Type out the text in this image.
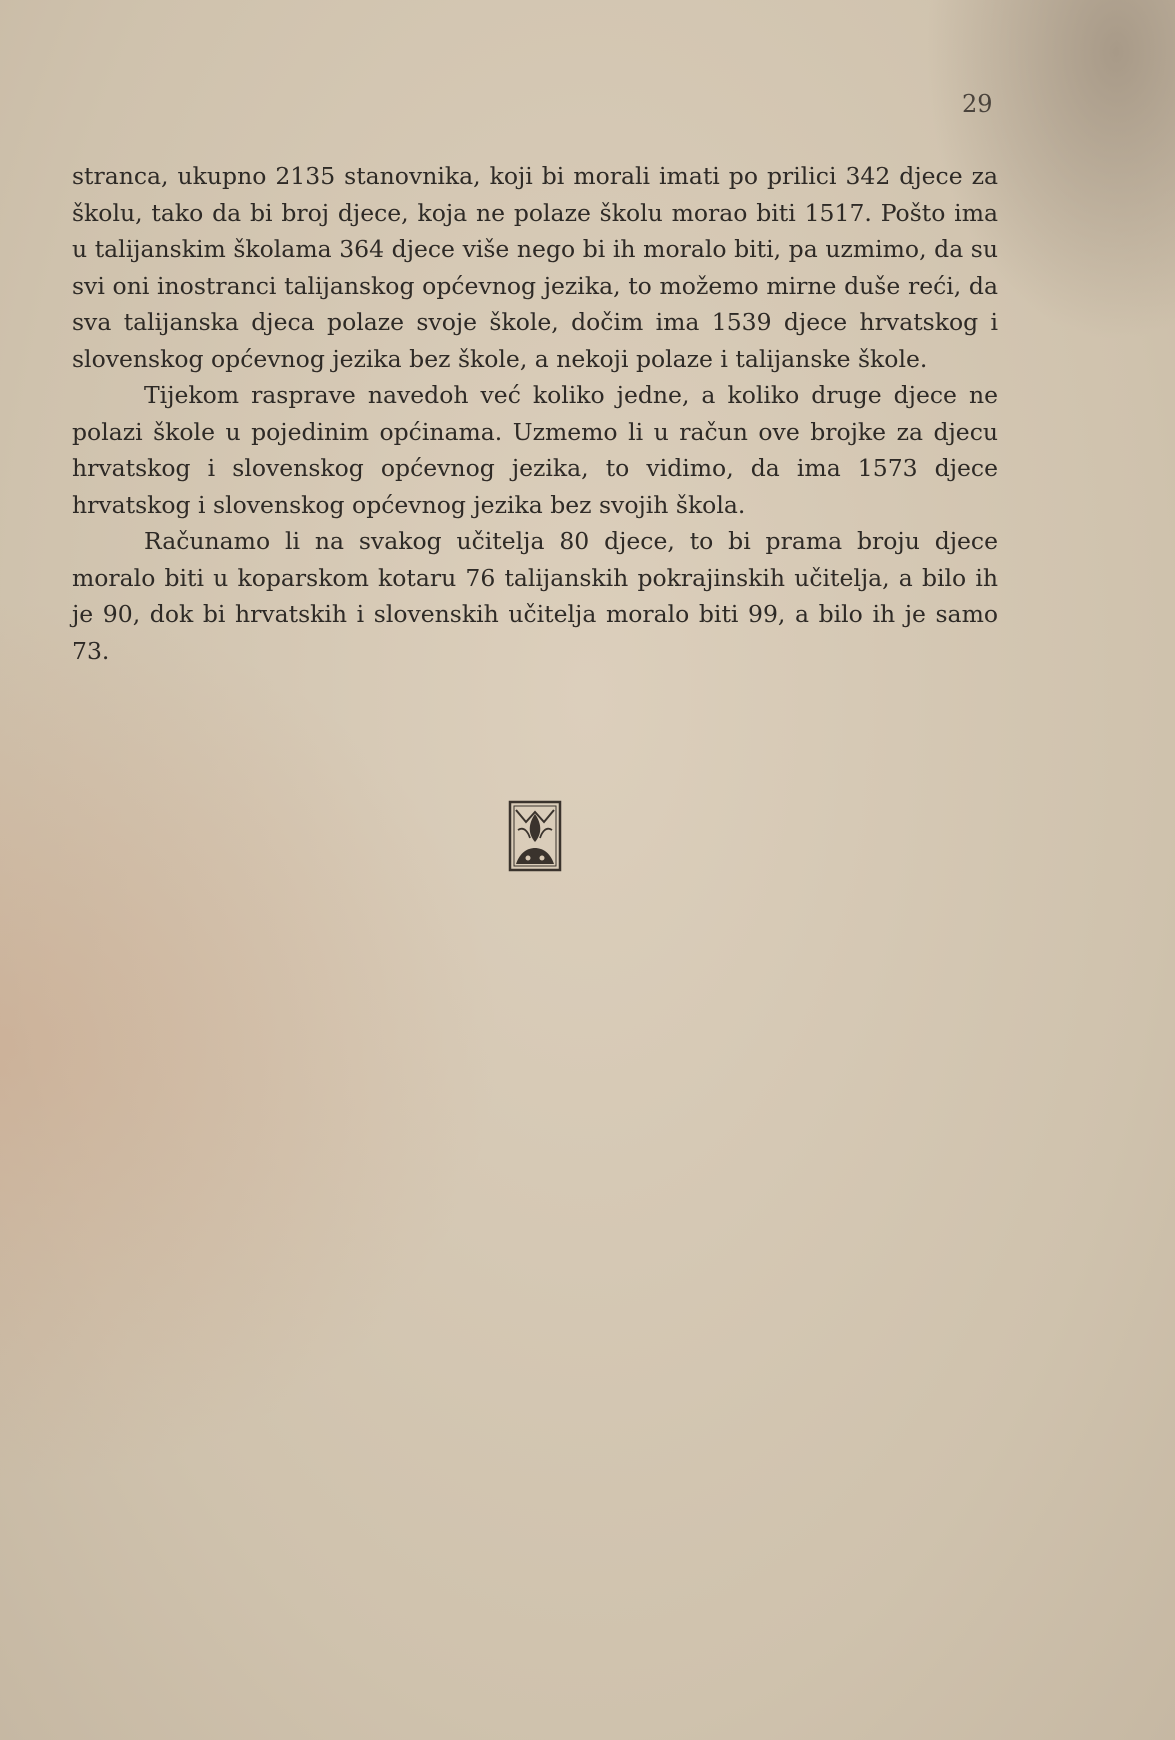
29

stranca, ukupno 2135 stanovnika, koji bi morali imati po prilici 342 djece za školu, tako da bi broj djece, koja ne polaze školu morao biti 1517. Pošto ima u talijanskim školama 364 djece više nego bi ih moralo biti, pa uzmimo, da su svi oni inostranci talijanskog općevnog jezika, to možemo mirne duše reći, da sva talijanska djeca polaze svoje škole, dočim ima 1539 djece hrvatskog i slovenskog općevnog jezika bez škole, a nekoji polaze i talijanske škole.

Tijekom rasprave navedoh već koliko jedne, a koliko druge djece ne polazi škole u pojedinim općinama. Uzmemo li u račun ove brojke za djecu hrvatskog i slovenskog općevnog jezika, to vidimo, da ima 1573 djece hrvatskog i slovenskog općevnog jezika bez svojih škola.

Računamo li na svakog učitelja 80 djece, to bi prama broju djece moralo biti u koparskom kotaru 76 talijanskih pokrajinskih učitelja, a bilo ih je 90, dok bi hrvatskih i slovenskih učitelja moralo biti 99, a bilo ih je samo 73.
